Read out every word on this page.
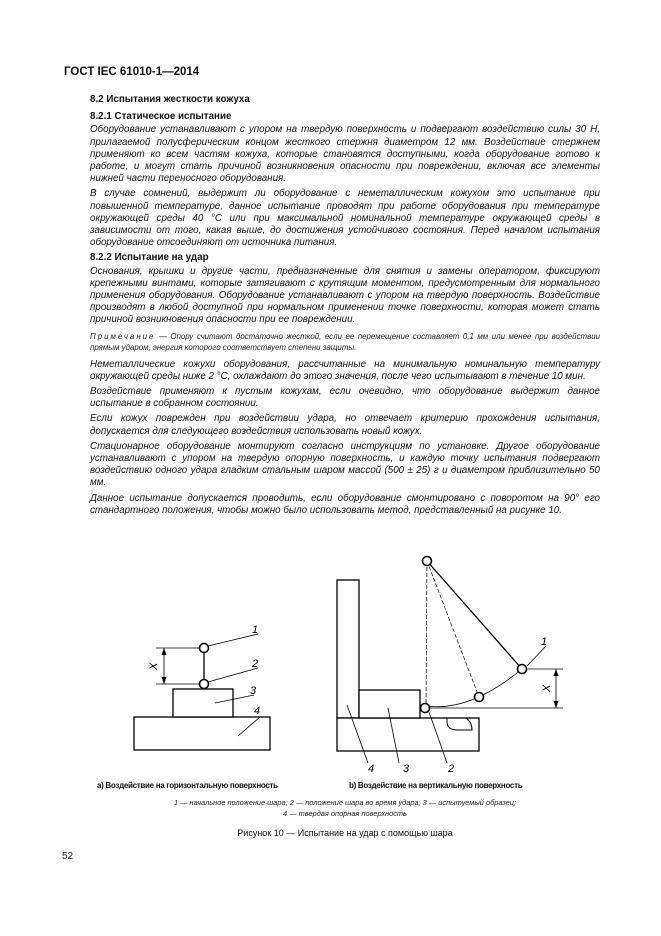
ГОСТ IEC 61010-1—2014
8.2 Испытания жесткости кожуха
8.2.1 Статическое испытание

Оборудование устанавливают с упором на твердую поверхность и подвергают воздействию силы 30 Н, прилагаемой полусферическим концом жесткого стержня диаметром 12 мм. Воздействие стержнем применяют ко всем частям кожуха, которые становятся доступными, когда оборудование готово к работе, и могут стать причиной возникновения опасности при повреждении, включая все элементы нижней части переносного оборудования.

В случае сомнений, выдержит ли оборудование с неметаллическим кожухом это испытание при повышенной температуре, данное испытание проводят при работе оборудования при температуре окружающей среды 40 °С или при максимальной номинальной температуре окружающей среды в зависимости от того, какая выше, до достижения устойчивого состояния. Перед началом испытания оборудование отсоединяют от источника питания.

8.2.2 Испытание на удар

Основания, крышки и другие части, предназначенные для снятия и замены оператором, фиксируют крепежными винтами, которые затягивают с крутящим моментом, предусмотренным для нормального применения оборудования. Оборудование устанавливают с упором на твердую поверхность. Воздействие производят в любой доступной при нормальном применении точке поверхности, которая может стать причиной возникновения опасности при ее повреждении.

Примечание — Опору считают достаточно жесткой, если ее перемещение составляет 0,1 мм или менее при воздействии прямым ударом, энергия которого соответствует степени защиты.

Неметаллические кожухи оборудования, рассчитанные на минимальную номинальную температуру окружающей среды ниже 2 °С, охлаждают до этого значения, после чего испытывают в течение 10 мин.

Воздействие применяют к пустым кожухам, если очевидно, что оборудование выдержит данное испытание в собранном состоянии.

Если кожух поврежден при воздействии удара, но отвечает критерию прохождения испытания, допускается для следующего воздействия использовать новый кожух.

Стационарное оборудование монтируют согласно инструкциям по установке. Другое оборудование устанавливают с упором на твердую опорную поверхность, и каждую точку испытания подвергают воздействию одного удара гладким стальным шаром массой (500 ± 25) г и диаметром приблизительно 50 мм.

Данное испытание допускается проводить, если оборудование смонтировано с поворотом на 90° его стандартного положения, чтобы можно было использовать метод, представленный на рисунке 10.

X
1
2
3
4
1
X
4	3	2
а) Воздействие на горизонтальную поверхность	b) Воздействие на вертикальную поверхность
1 — начальное положение шара; 2 — положение шара во время удара; 3 — испытуемый образец;
4 — твердая опорная поверхность
Рисунок 10 — Испытание на удар с помощью шара
52
